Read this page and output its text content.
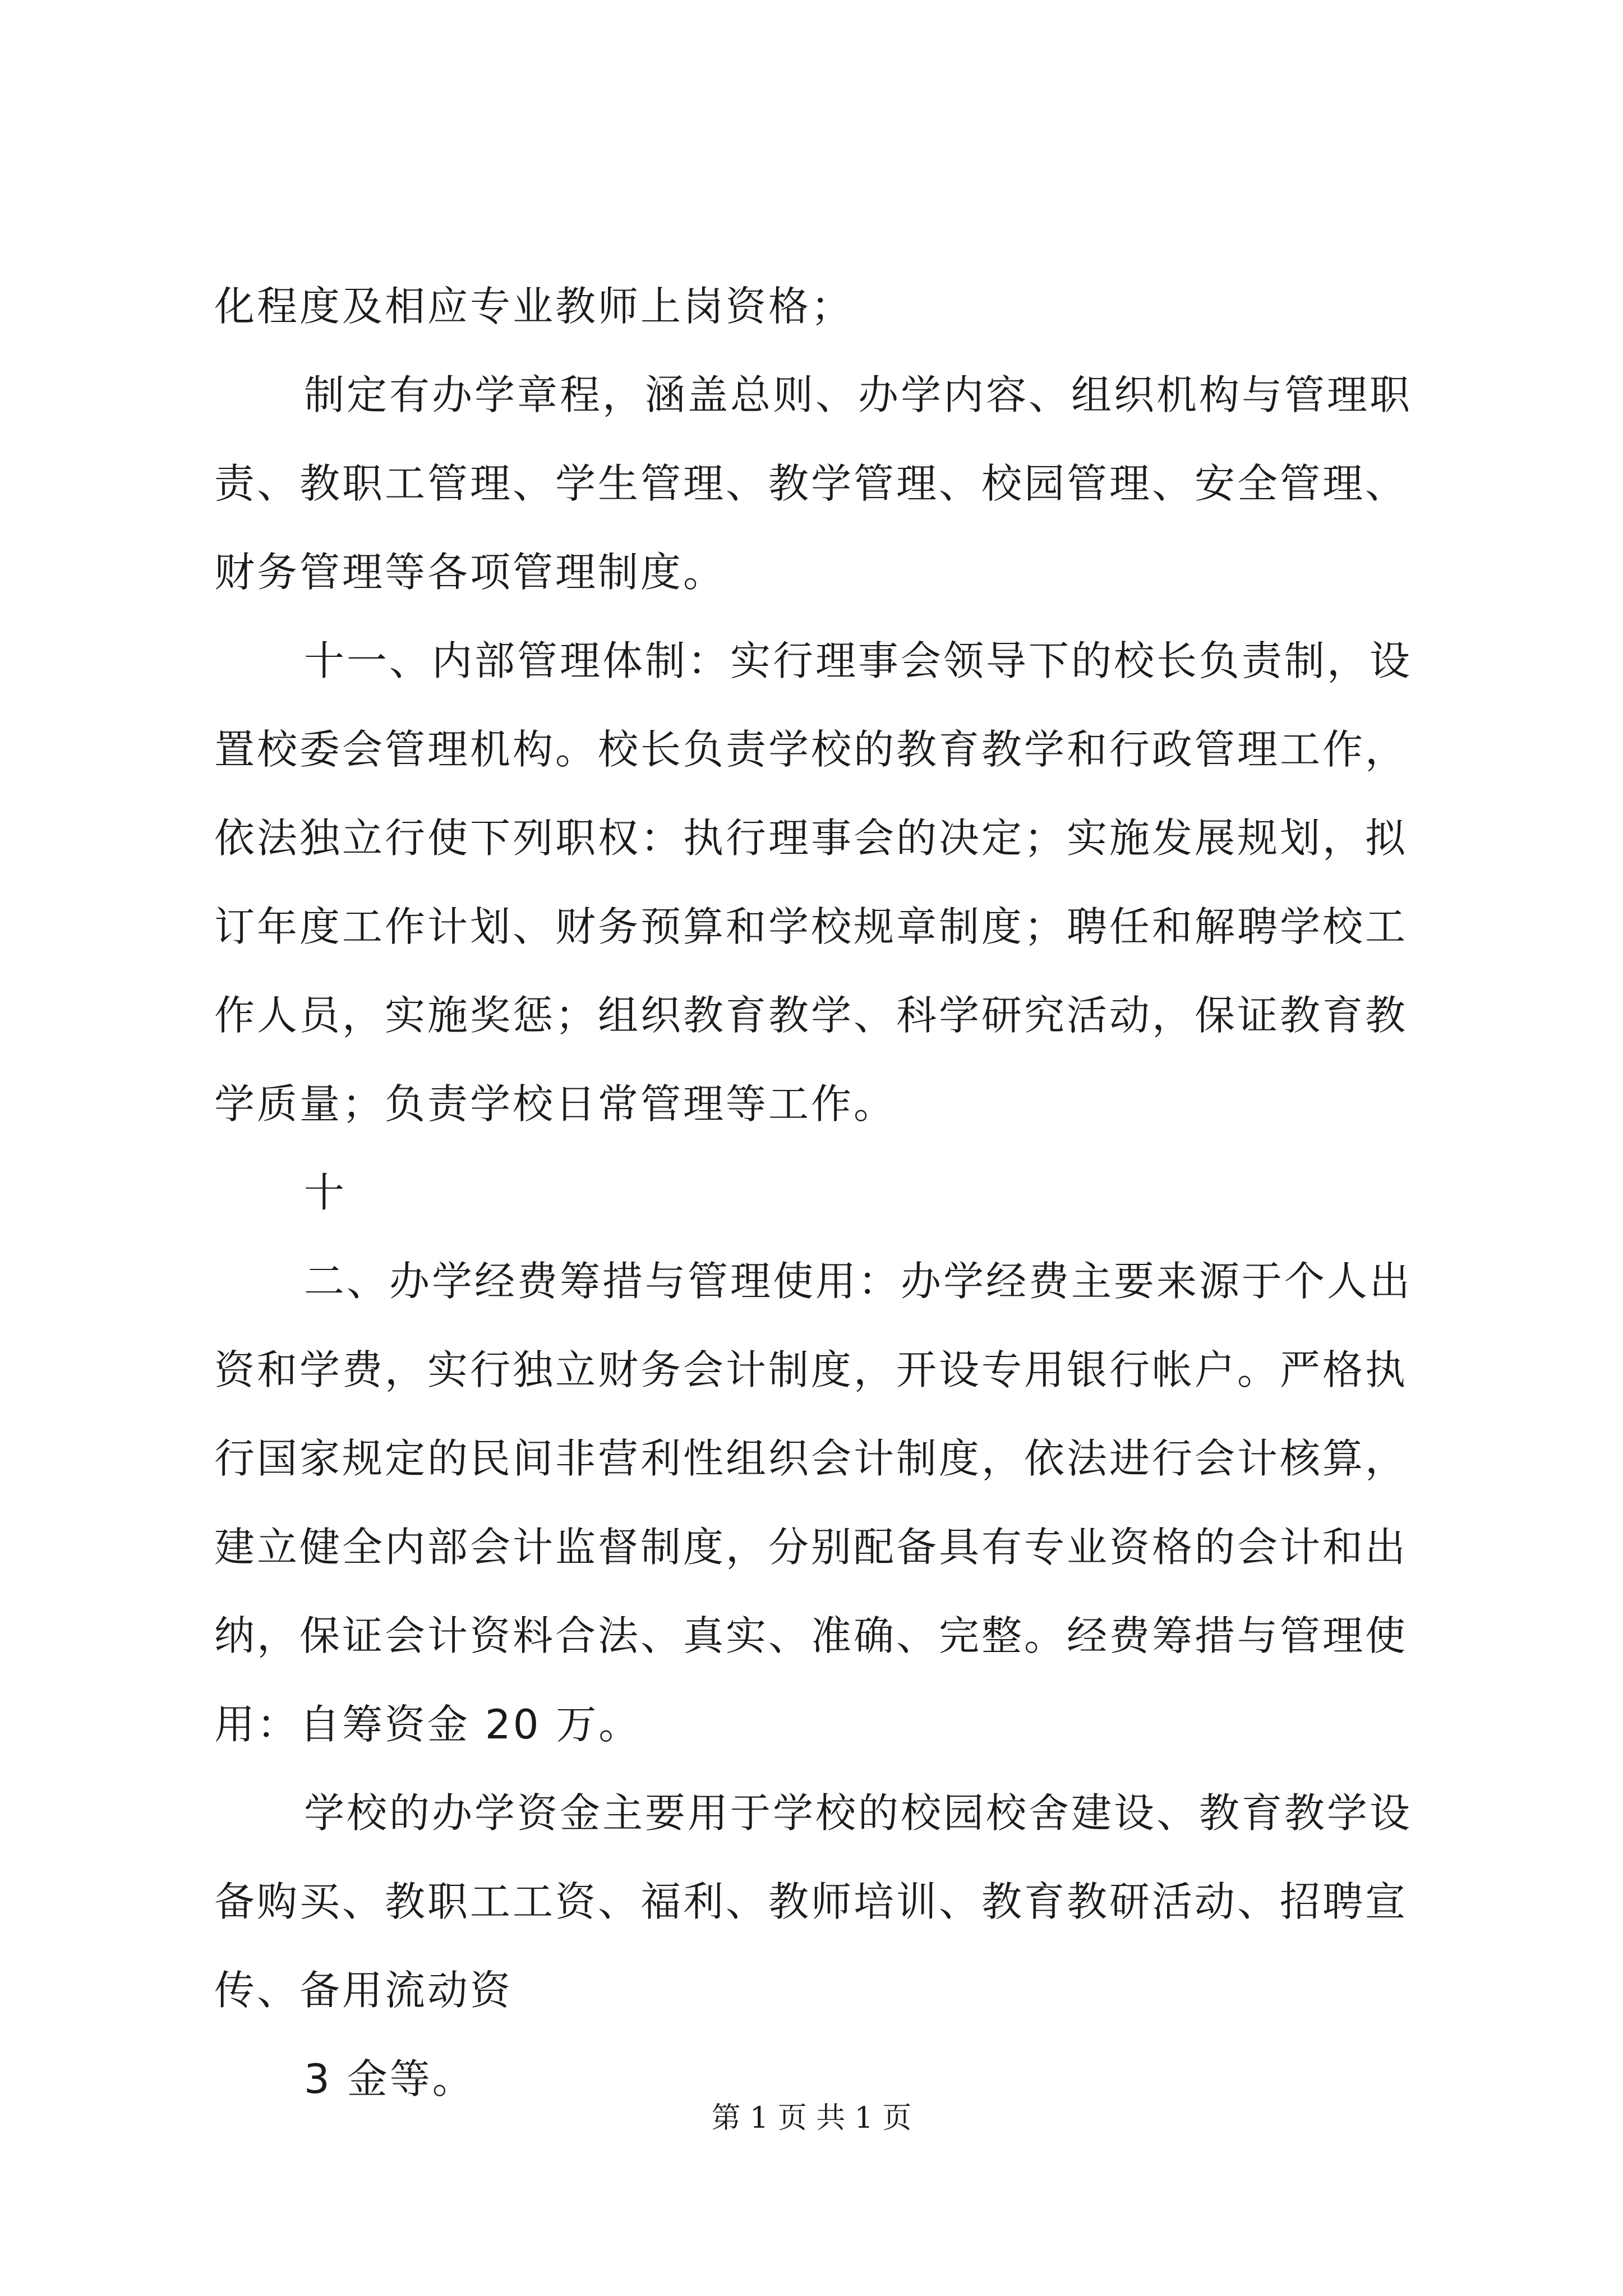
化程度及相应专业教师上岗资格；
制定有办学章程，涵盖总则、办学内容、组织机构与管理职
责、教职工管理、学生管理、教学管理、校园管理、安全管理、
财务管理等各项管理制度。
十一、内部管理体制：实行理事会领导下的校长负责制，设
置校委会管理机构。校长负责学校的教育教学和行政管理工作，
依法独立行使下列职权：执行理事会的决定；实施发展规划，拟
订年度工作计划、财务预算和学校规章制度；聘任和解聘学校工
作人员，实施奖惩；组织教育教学、科学研究活动，保证教育教
学质量；负责学校日常管理等工作。
十
二、办学经费筹措与管理使用：办学经费主要来源于个人出
资和学费，实行独立财务会计制度，开设专用银行帐户。严格执
行国家规定的民间非营利性组织会计制度，依法进行会计核算，
建立健全内部会计监督制度，分别配备具有专业资格的会计和出
纳，保证会计资料合法、真实、准确、完整。经费筹措与管理使
用：自筹资金 20 万。
学校的办学资金主要用于学校的校园校舍建设、教育教学设
备购买、教职工工资、福利、教师培训、教育教研活动、招聘宣
传、备用流动资
3 金等。
第 1 页 共 1 页
